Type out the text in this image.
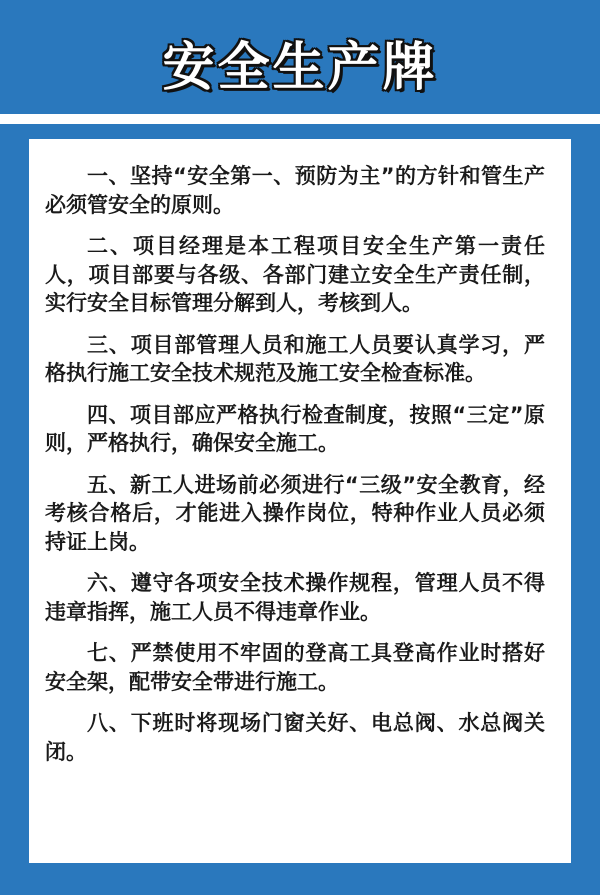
安全生产牌

一、坚持“安全第一、预防为主”的方针和管生产必须管安全的原则。

二、项目经理是本工程项目安全生产第一责任人，项目部要与各级、各部门建立安全生产责任制，实行安全目标管理分解到人，考核到人。

三、项目部管理人员和施工人员要认真学习，严格执行施工安全技术规范及施工安全检查标准。

四、项目部应严格执行检查制度，按照“三定”原则，严格执行，确保安全施工。

五、新工人进场前必须进行“三级”安全教育，经考核合格后，才能进入操作岗位，特种作业人员必须持证上岗。

六、遵守各项安全技术操作规程，管理人员不得违章指挥，施工人员不得违章作业。

七、严禁使用不牢固的登高工具登高作业时搭好安全架，配带安全带进行施工。

八、下班时将现场门窗关好、电总阀、水总阀关闭。
